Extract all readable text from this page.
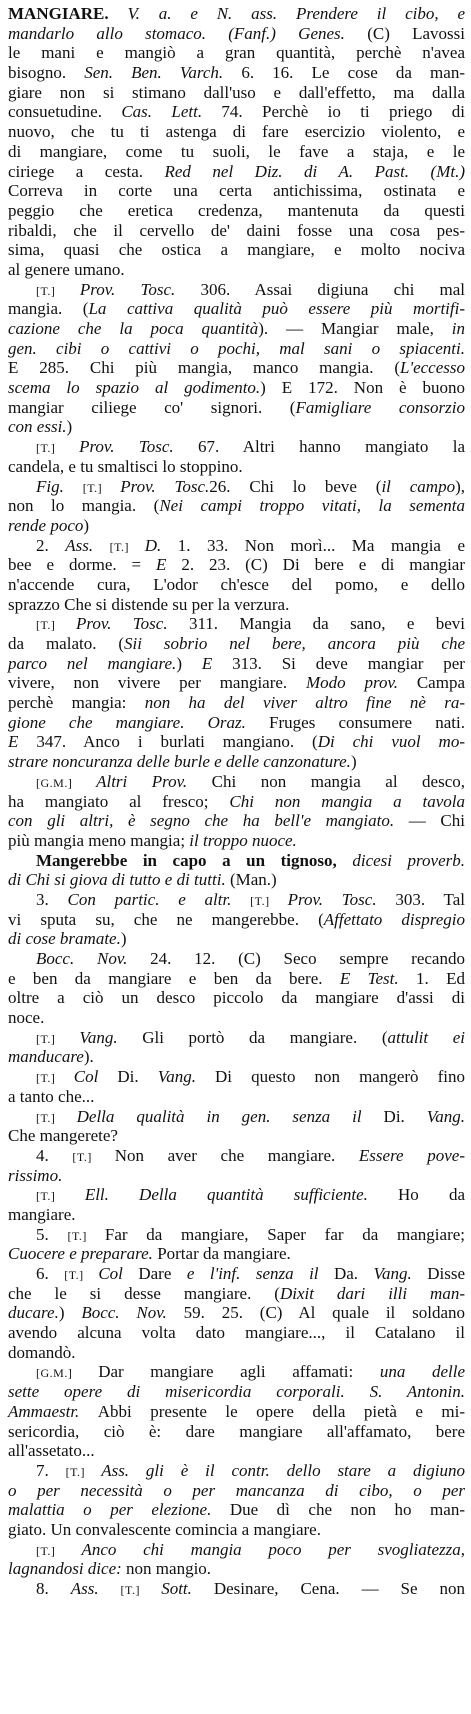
MANGIARE. V. a. e N. ass. Prendere il cibo, e
mandarlo allo stomaco. (Fanf.) Genes. (C) Lavossi
le mani e mangiò a gran quantità, perchè n'avea
bisogno. Sen. Ben. Varch. 6. 16. Le cose da man-
giare non si stimano dall'uso e dall'effetto, ma dalla
consuetudine. Cas. Lett. 74. Perchè io ti priego di
nuovo, che tu ti astenga di fare esercizio violento, e
di mangiare, come tu suoli, le fave a staja, e le
ciriege a cesta. Red nel Diz. di A. Past. (Mt.)
Correva in corte una certa antichissima, ostinata e
peggio che eretica credenza, mantenuta da questi
ribaldi, che il cervello de' daini fosse una cosa pes-
sima, quasi che ostica a mangiare, e molto nociva
al genere umano.
[T.] Prov. Tosc. 306. Assai digiuna chi mal
mangia. (La cattiva qualità può essere più mortifi-
cazione che la poca quantità). — Mangiar male, in
gen. cibi o cattivi o pochi, mal sani o spiacenti.
E 285. Chi più mangia, manco mangia. (L'eccesso
scema lo spazio al godimento.) E 172. Non è buono
mangiar ciliege co' signori. (Famigliare consorzio
con essi.)
[T.] Prov. Tosc. 67. Altri hanno mangiato la
candela, e tu smaltisci lo stoppino.
Fig. [T.] Prov. Tosc.26. Chi lo beve (il campo),
non lo mangia. (Nei campi troppo vitati, la sementa
rende poco)
2. Ass. [T.] D. 1. 33. Non morì... Ma mangia e
bee e dorme. = E 2. 23. (C) Di bere e di mangiar
n'accende cura, L'odor ch'esce del pomo, e dello
sprazzo Che si distende su per la verzura.
[T.] Prov. Tosc. 311. Mangia da sano, e bevi
da malato. (Sii sobrio nel bere, ancora più che
parco nel mangiare.) E 313. Si deve mangiar per
vivere, non vivere per mangiare. Modo prov. Campa
perchè mangia: non ha del viver altro fine nè ra-
gione che mangiare. Oraz. Fruges consumere nati.
E 347. Anco i burlati mangiano. (Di chi vuol mo-
strare noncuranza delle burle e delle canzonature.)
[G.M.] Altri Prov. Chi non mangia al desco,
ha mangiato al fresco; Chi non mangia a tavola
con gli altri, è segno che ha bell'e mangiato. — Chi
più mangia meno mangia; il troppo nuoce.
Mangerebbe in capo a un tignoso, dicesi proverb.
di Chi si giova di tutto e di tutti. (Man.)
3. Con partic. e altr. [T.] Prov. Tosc. 303. Tal
vi sputa su, che ne mangerebbe. (Affettato dispregio
di cose bramate.)
Bocc. Nov. 24. 12. (C) Seco sempre recando
e ben da mangiare e ben da bere. E Test. 1. Ed
oltre a ciò un desco piccolo da mangiare d'assi di
noce.
[T.] Vang. Gli portò da mangiare. (attulit ei
manducare).
[T.] Col Di. Vang. Di questo non mangerò fino
a tanto che...
[T.] Della qualità in gen. senza il Di. Vang.
Che mangerete?
4. [T.] Non aver che mangiare. Essere pove-
rissimo.
[T.] Ell. Della quantità sufficiente. Ho da
mangiare.
5. [T.] Far da mangiare, Saper far da mangiare;
Cuocere e preparare. Portar da mangiare.
6. [T.] Col Dare e l'inf. senza il Da. Vang. Disse
che le si desse mangiare. (Dixit dari illi man-
ducare.) Bocc. Nov. 59. 25. (C) Al quale il soldano
avendo alcuna volta dato mangiare..., il Catalano il
domandò.
[G.M.] Dar mangiare agli affamati: una delle
sette opere di misericordia corporali. S. Antonin.
Ammaestr. Abbi presente le opere della pietà e mi-
sericordia, ciò è: dare mangiare all'affamato, bere
all'assetato...
7. [T.] Ass. gli è il contr. dello stare a digiuno
o per necessità o per mancanza di cibo, o per
malattia o per elezione. Due dì che non ho man-
giato. Un convalescente comincia a mangiare.
[T.] Anco chi mangia poco per svogliatezza,
lagnandosi dice: non mangio.
8. Ass. [T.] Sott. Desinare, Cena. — Se non
